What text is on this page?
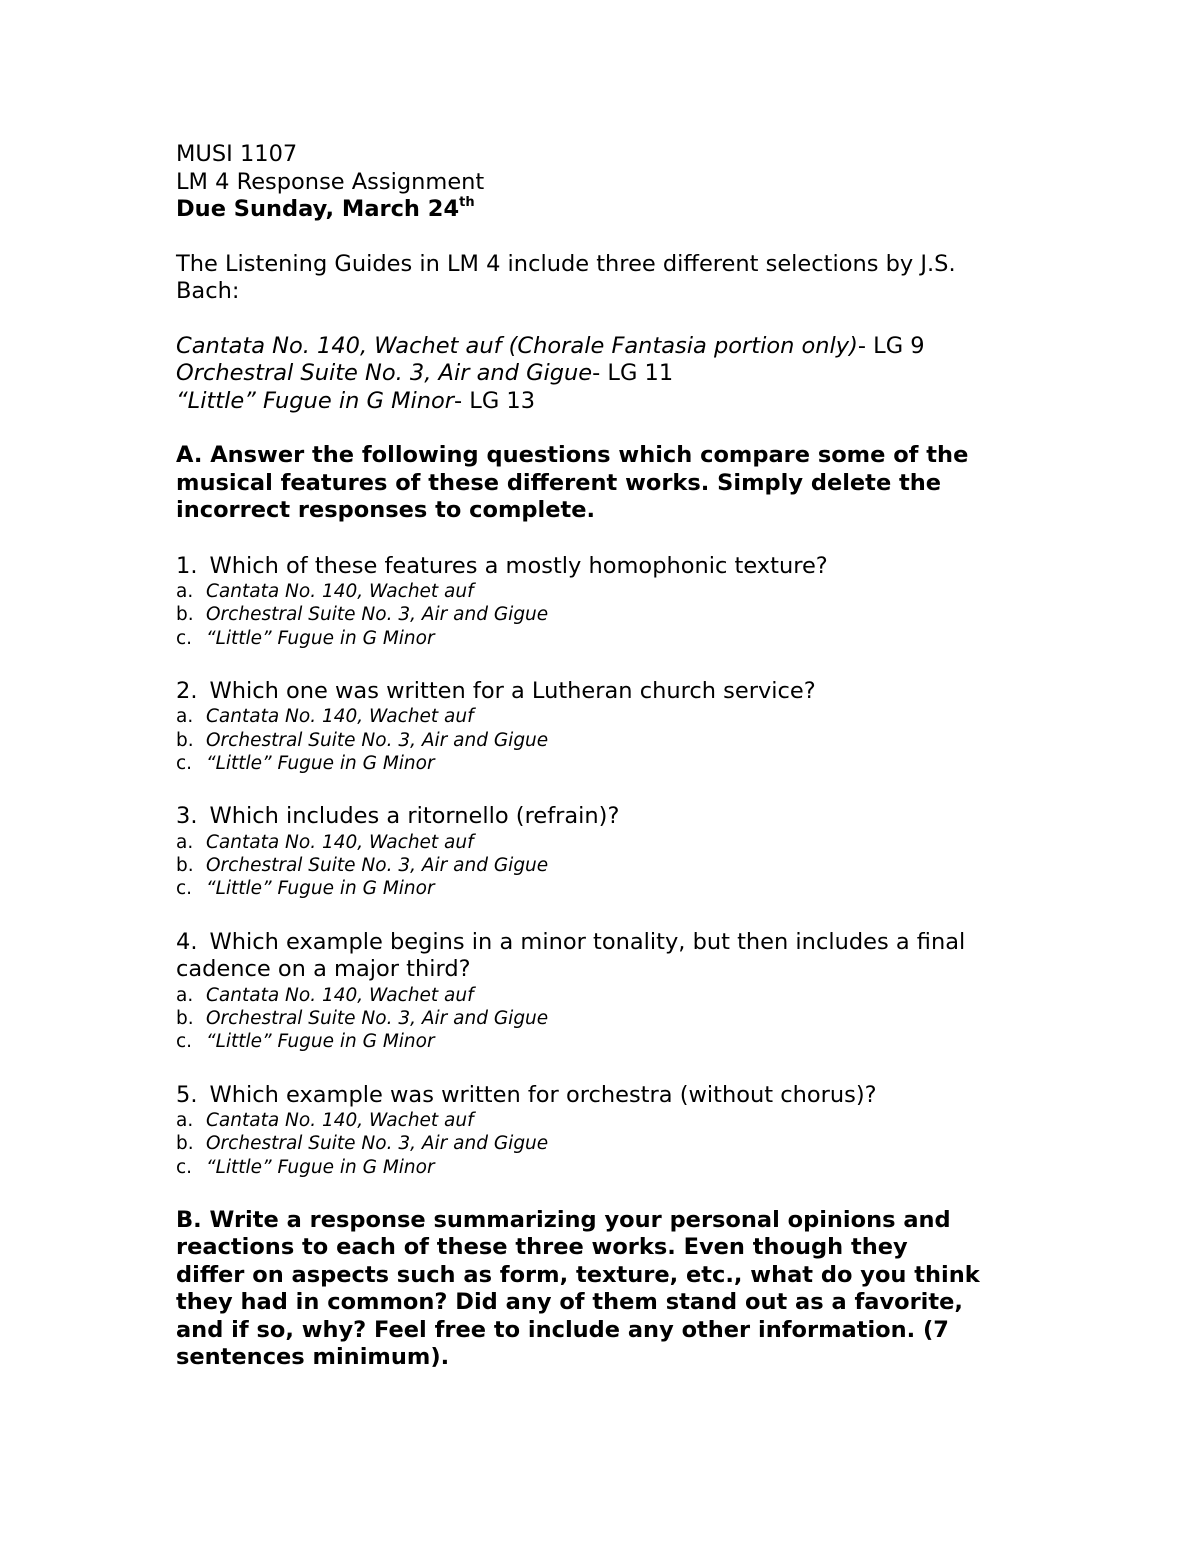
MUSI 1107

LM 4 Response Assignment

Due Sunday, March 24th

The Listening Guides in LM 4 include three different selections by J.S.

Bach:

Cantata No. 140, Wachet auf (Chorale Fantasia portion only)- LG 9

Orchestral Suite No. 3, Air and Gigue- LG 11

“Little” Fugue in G Minor- LG 13

A. Answer the following questions which compare some of the

musical features of these different works. Simply delete the

incorrect responses to complete.

1. Which of these features a mostly homophonic texture?

a. Cantata No. 140, Wachet auf

b. Orchestral Suite No. 3, Air and Gigue

c. “Little” Fugue in G Minor

2. Which one was written for a Lutheran church service?

a. Cantata No. 140, Wachet auf

b. Orchestral Suite No. 3, Air and Gigue

c. “Little” Fugue in G Minor

3. Which includes a ritornello (refrain)?

a. Cantata No. 140, Wachet auf

b. Orchestral Suite No. 3, Air and Gigue

c. “Little” Fugue in G Minor

4. Which example begins in a minor tonality, but then includes a final

cadence on a major third?

a. Cantata No. 140, Wachet auf

b. Orchestral Suite No. 3, Air and Gigue

c. “Little” Fugue in G Minor

5. Which example was written for orchestra (without chorus)?

a. Cantata No. 140, Wachet auf

b. Orchestral Suite No. 3, Air and Gigue

c. “Little” Fugue in G Minor

B. Write a response summarizing your personal opinions and

reactions to each of these three works. Even though they

differ on aspects such as form, texture, etc., what do you think

they had in common? Did any of them stand out as a favorite,

and if so, why? Feel free to include any other information. (7

sentences minimum).
